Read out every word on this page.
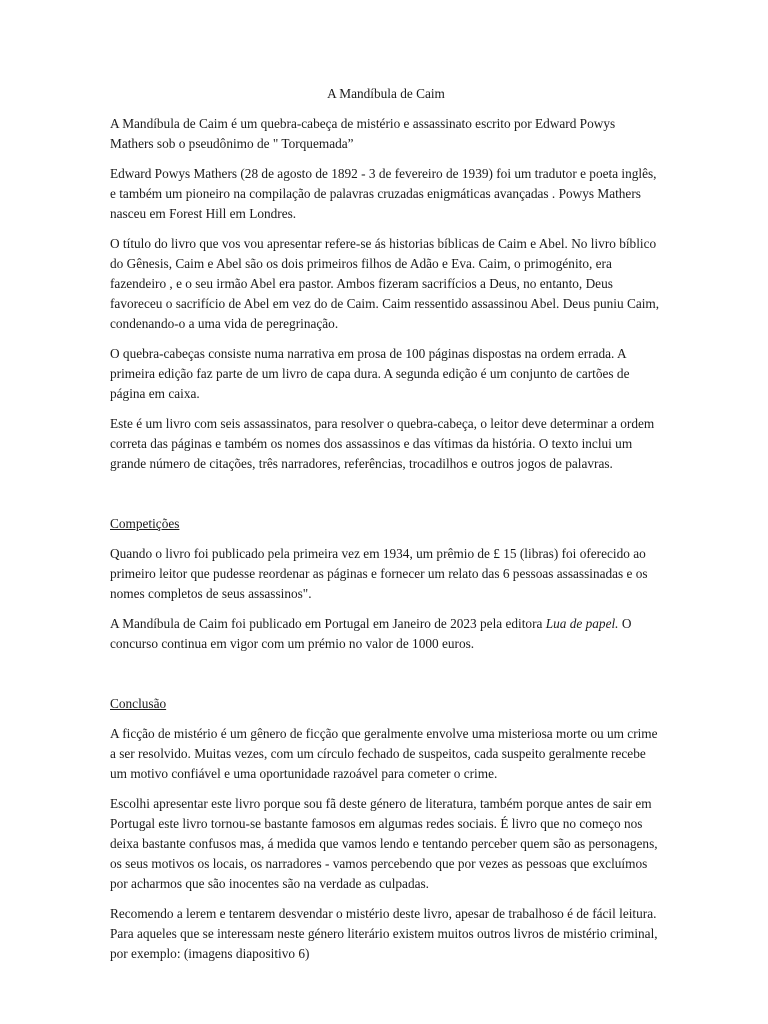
A Mandíbula de Caim

A Mandíbula de Caim é um quebra-cabeça de mistério e assassinato escrito por Edward Powys Mathers sob o pseudônimo de " Torquemada”

Edward Powys Mathers (28 de agosto de 1892 - 3 de fevereiro de 1939) foi um tradutor e poeta inglês, e também um pioneiro na compilação de palavras cruzadas enigmáticas avançadas . Powys Mathers nasceu em Forest Hill em Londres.

O título do livro que vos vou apresentar refere-se ás historias bíblicas de Caim e Abel. No livro bíblico do Gênesis, Caim e Abel são os dois primeiros filhos de Adão e Eva. Caim, o primogénito, era fazendeiro , e o seu irmão Abel era pastor. Ambos fizeram sacrifícios a Deus, no entanto, Deus favoreceu o sacrifício de Abel em vez do de Caim. Caim ressentido assassinou Abel. Deus puniu Caim, condenando-o a uma vida de peregrinação.

O quebra-cabeças consiste numa narrativa em prosa de 100 páginas dispostas na ordem errada. A primeira edição faz parte de um livro de capa dura. A segunda edição é um conjunto de cartões de página em caixa.

Este é um livro com seis assassinatos, para resolver o quebra-cabeça, o leitor deve determinar a ordem correta das páginas e também os nomes dos assassinos e das vítimas da história. O texto inclui um grande número de citações, três narradores, referências, trocadilhos e outros jogos de palavras.

Competições

Quando o livro foi publicado pela primeira vez em 1934, um prêmio de £ 15 (libras) foi oferecido ao primeiro leitor que pudesse reordenar as páginas e fornecer um relato das 6 pessoas assassinadas e os nomes completos de seus assassinos".

A Mandíbula de Caim foi publicado em Portugal em Janeiro de 2023 pela editora Lua de papel. O concurso continua em vigor com um prémio no valor de 1000 euros.

Conclusão

A ficção de mistério é um gênero de ficção que geralmente envolve uma misteriosa morte ou um crime a ser resolvido. Muitas vezes, com um círculo fechado de suspeitos, cada suspeito geralmente recebe um motivo confiável e uma oportunidade razoável para cometer o crime.

Escolhi apresentar este livro porque sou fã deste género de literatura, também porque antes de sair em Portugal este livro tornou-se bastante famosos em algumas redes sociais. É livro que no começo nos deixa bastante confusos mas, á medida que vamos lendo e tentando perceber quem são as personagens, os seus motivos os locais, os narradores - vamos percebendo que por vezes as pessoas que excluímos por acharmos que são inocentes são na verdade as culpadas.

Recomendo a lerem e tentarem desvendar o mistério deste livro, apesar de trabalhoso é de fácil leitura. Para aqueles que se interessam neste género literário existem muitos outros livros de mistério criminal, por exemplo: (imagens diapositivo 6)
